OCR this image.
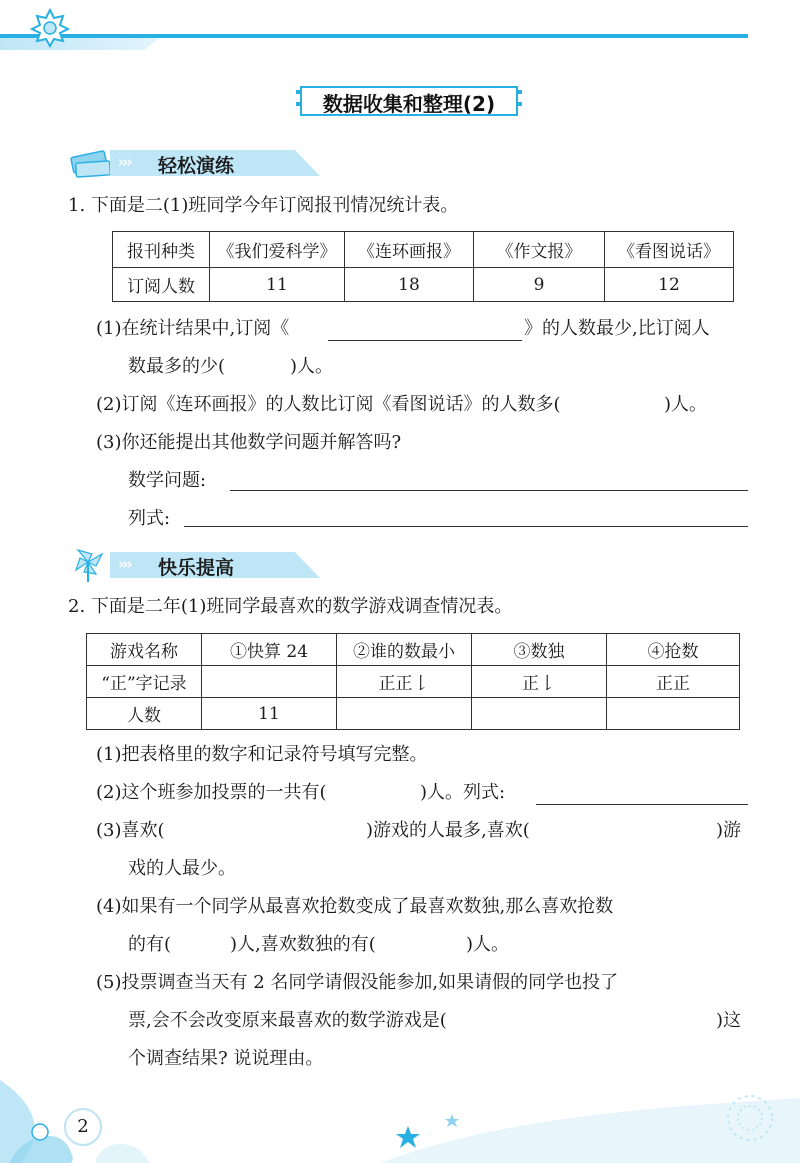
数据收集和整理(2)
››› 轻松演练
1. 下面是二(1)班同学今年订阅报刊情况统计表。
报刊种类	《我们爱科学》	《连环画报》	《作文报》	《看图说话》
订阅人数	11	18	9	12
(1)在统计结果中,订阅《	》的人数最少,比订阅人
数最多的少(	)人。
(2)订阅《连环画报》的人数比订阅《看图说话》的人数多(	)人。
(3)你还能提出其他数学问题并解答吗?
数学问题:
列式:
››› 快乐提高
2. 下面是二年(1)班同学最喜欢的数学游戏调查情况表。
游戏名称	①快算 24	②谁的数最小	③数独	④抢数
“正”字记录		正正𠄌	正𠄌	正正
人数	11			
(1)把表格里的数字和记录符号填写完整。
(2)这个班参加投票的一共有(	)人。列式:
(3)喜欢(	)游戏的人最多,喜欢(	)游
戏的人最少。
(4)如果有一个同学从最喜欢抢数变成了最喜欢数独,那么喜欢抢数
的有(	)人,喜欢数独的有(	)人。
(5)投票调查当天有 2 名同学请假没能参加,如果请假的同学也投了
票,会不会改变原来最喜欢的数学游戏是(	)这
个调查结果? 说说理由。
2
